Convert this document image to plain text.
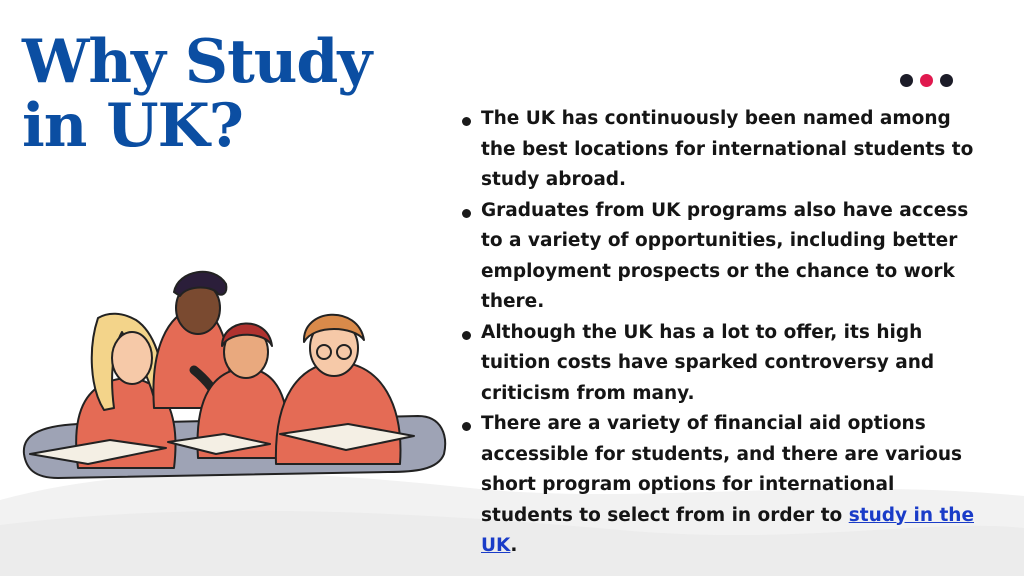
Why Study in UK?	The UK has continuously been named among the best locations for international students to study abroad.
Graduates from UK programs also have access to a variety of opportunities, including better employment prospects or the chance to work there.
Although the UK has a lot to offer, its high tuition costs have sparked controversy and criticism from many.
There are a variety of financial aid options accessible for students, and there are various short program options for international students to select from in order to study in the UK.
